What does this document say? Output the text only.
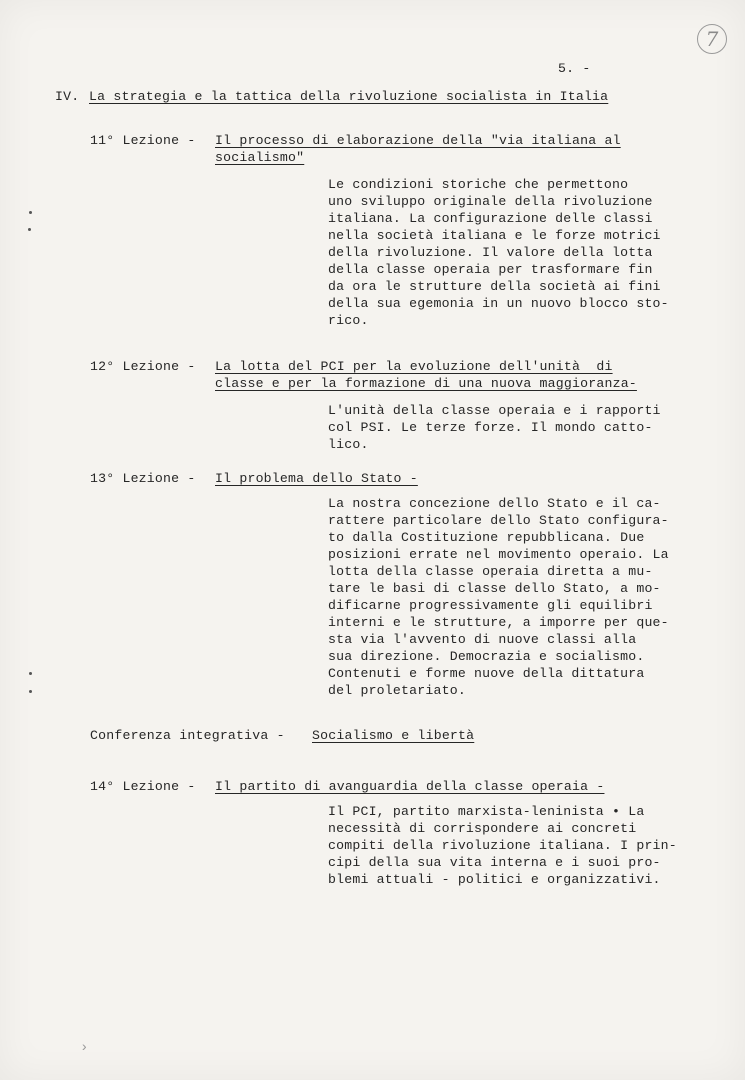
7
5. -
IV. La strategia e la tattica della rivoluzione socialista in Italia
11° Lezione - Il processo di elaborazione della "via italiana al
socialismo"
Le condizioni storiche che permettono
uno sviluppo originale della rivoluzione
italiana. La configurazione delle classi
nella società italiana e le forze motrici
della rivoluzione. Il valore della lotta
della classe operaia per trasformare fin
da ora le strutture della società ai fini
della sua egemonia in un nuovo blocco sto-
rico.
12° Lezione - La lotta del PCI per la evoluzione dell'unità  di
classe e per la formazione di una nuova maggioranza-
L'unità della classe operaia e i rapporti
col PSI. Le terze forze. Il mondo catto-
lico.
13° Lezione - Il problema dello Stato -
La nostra concezione dello Stato e il ca-
rattere particolare dello Stato configura-
to dalla Costituzione repubblicana. Due
posizioni errate nel movimento operaio. La
lotta della classe operaia diretta a mu-
tare le basi di classe dello Stato, a mo-
dificarne progressivamente gli equilibri
interni e le strutture, a imporre per que-
sta via l'avvento di nuove classi alla
sua direzione. Democrazia e socialismo.
Contenuti e forme nuove della dittatura
del proletariato.
Conferenza integrativa - Socialismo e libertà
14° Lezione - Il partito di avanguardia della classe operaia -
Il PCI, partito marxista-leninista • La
necessità di corrispondere ai concreti
compiti della rivoluzione italiana. I prin-
cipi della sua vita interna e i suoi pro-
blemi attuali - politici e organizzativi.
›
